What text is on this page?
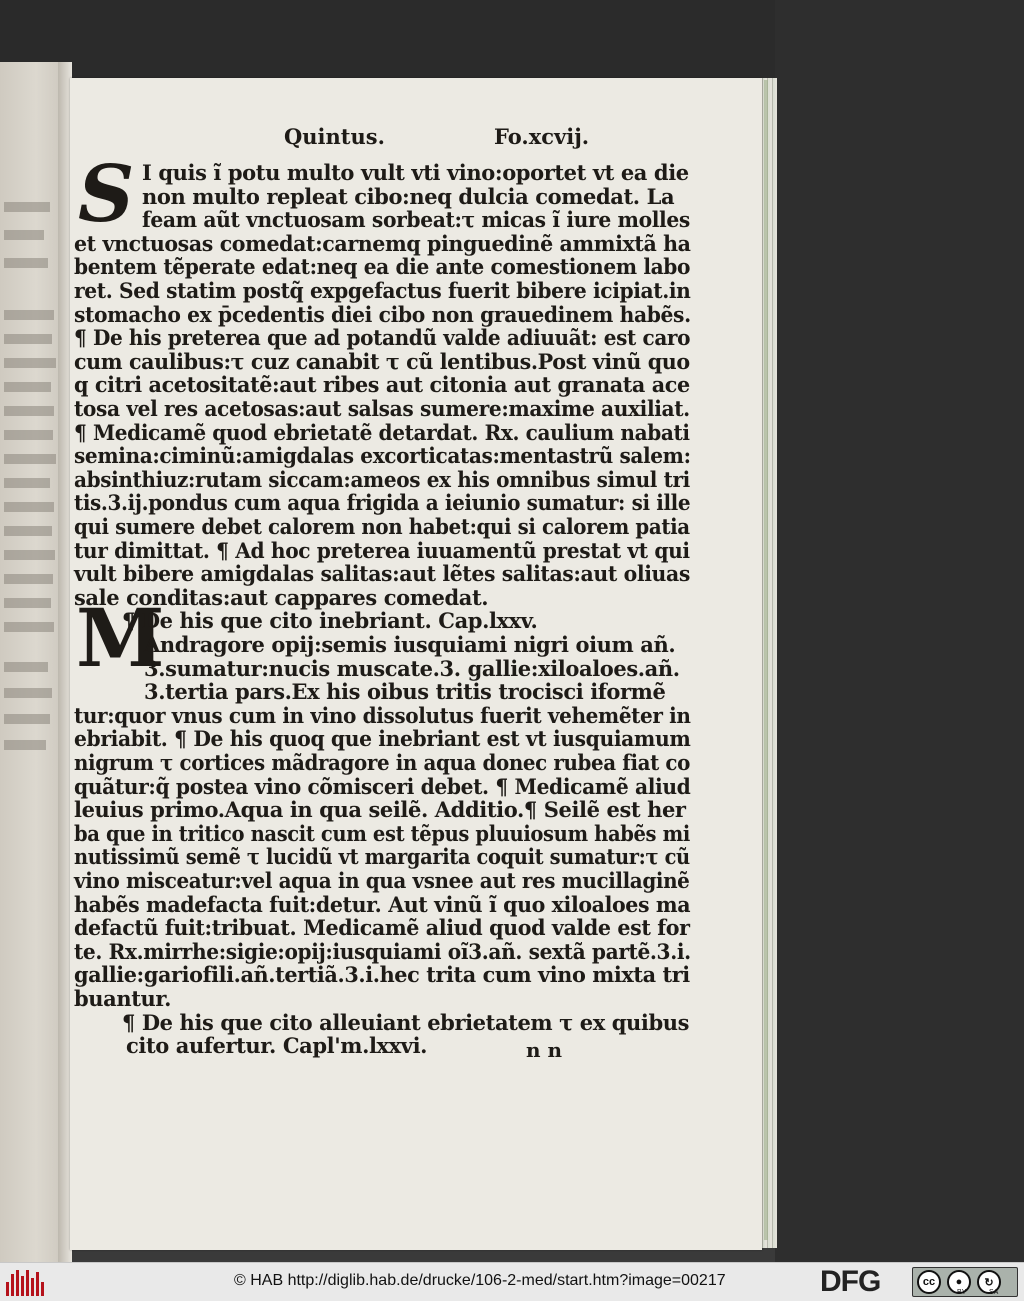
Quintus.	Fo.xcvij.
S
M
I quis ĩ potu multo vult vti vino:oportet vt ea die
non multo repleat cibo:neq dulcia comedat. La
feam aũt vnctuosam sorbeat:τ micas ĩ iure molles
et vnctuosas comedat:carnemq pinguedinẽ ammixtã ha
bentem tẽperate edat:neq ea die ante comestionem labo
ret. Sed statim postq̃ expgefactus fuerit bibere icipiat.in
stomacho ex p̄cedentis diei cibo non grauedinem habẽs.
¶ De his preterea que ad potandũ valde adiuuãt: est caro
cum caulibus:τ cuz canabit τ cũ lentibus.Post vinũ quo
q citri acetositatẽ:aut ribes aut citonia aut granata ace
tosa vel res acetosas:aut salsas sumere:maxime auxiliat.
¶ Medicamẽ quod ebrietatẽ detardat. Rx. caulium nabati
semina:ciminũ:amigdalas excorticatas:mentastrũ salem:
absinthiuz:rutam siccam:ameos ex his omnibus simul tri
tis.3.ij.pondus cum aqua frigida a ieiunio sumatur: si ille
qui sumere debet calorem non habet:qui si calorem patia
tur dimittat. ¶ Ad hoc preterea iuuamentũ prestat vt qui
vult bibere amigdalas salitas:aut lẽtes salitas:aut oliuas
sale conditas:aut cappares comedat.
¶ De his que cito inebriant. Cap.lxxv.
Andragore opij:semis iusquiami nigri oium añ.
3.sumatur:nucis muscate.3. gallie:xiloaloes.añ.
3.tertia pars.Ex his oibus tritis trocisci iformẽ
tur:quor vnus cum in vino dissolutus fuerit vehemẽter in
ebriabit. ¶ De his quoq que inebriant est vt iusquiamum
nigrum τ cortices mãdragore in aqua donec rubea fiat co
quãtur:q̃ postea vino cõmisceri debet. ¶ Medicamẽ aliud
leuius primo.Aqua in qua seilẽ. Additio.¶ Seilẽ est her
ba que in tritico nascit cum est tẽpus pluuiosum habẽs mi
nutissimũ semẽ τ lucidũ vt margarita coquit sumatur:τ cũ
vino misceatur:vel aqua in qua vsnee aut res mucillaginẽ
habẽs madefacta fuit:detur. Aut vinũ ĩ quo xiloaloes ma
defactũ fuit:tribuat. Medicamẽ aliud quod valde est for
te. Rx.mirrhe:sigie:opij:iusquiami oĩ3.añ. sextã partẽ.3.i.
gallie:gariofili.añ.tertiã.3.i.hec trita cum vino mixta tri
buantur.
¶ De his que cito alleuiant ebrietatem τ ex quibus
cito aufertur. Capl'm.lxxvi.	n n
© HAB http://diglib.hab.de/drucke/106-2-med/start.htm?image=00217	DFG	cc	●	↻
BY	SA
